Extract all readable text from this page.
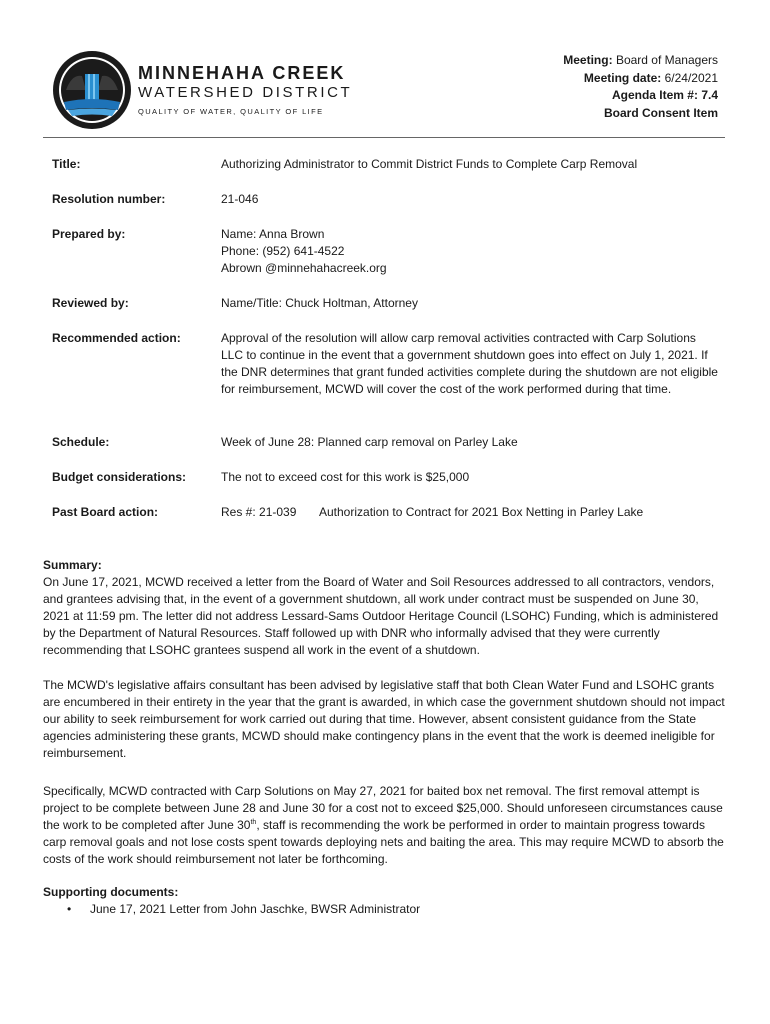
MINNEHAHA CREEK
WATERSHED DISTRICT
QUALITY OF WATER, QUALITY OF LIFE
Meeting: Board of Managers
Meeting date: 6/24/2021
Agenda Item #: 7.4
Board Consent Item
Title:	Authorizing Administrator to Commit District Funds to Complete Carp Removal
Resolution number:	21-046
Prepared by:	Name: Anna Brown
Phone: (952) 641-4522
Abrown @minnehahacreek.org
Reviewed by:	Name/Title: Chuck Holtman, Attorney
Recommended action:	Approval of the resolution will allow carp removal activities contracted with Carp Solutions LLC to continue in the event that a government shutdown goes into effect on July 1, 2021. If the DNR determines that grant funded activities complete during the shutdown are not eligible for reimbursement, MCWD will cover the cost of the work performed during that time.
Schedule:	Week of June 28: Planned carp removal on Parley Lake
Budget considerations:	The not to exceed cost for this work is $25,000
Past Board action:	Res #: 21-039 Authorization to Contract for 2021 Box Netting in Parley Lake
Summary:

On June 17, 2021, MCWD received a letter from the Board of Water and Soil Resources addressed to all contractors, vendors, and grantees advising that, in the event of a government shutdown, all work under contract must be suspended on June 30, 2021 at 11:59 pm. The letter did not address Lessard-Sams Outdoor Heritage Council (LSOHC) Funding, which is administered by the Department of Natural Resources. Staff followed up with DNR who informally advised that they were currently recommending that LSOHC grantees suspend all work in the event of a shutdown.

The MCWD's legislative affairs consultant has been advised by legislative staff that both Clean Water Fund and LSOHC grants are encumbered in their entirety in the year that the grant is awarded, in which case the government shutdown should not impact our ability to seek reimbursement for work carried out during that time. However, absent consistent guidance from the State agencies administering these grants, MCWD should make contingency plans in the event that the work is deemed ineligible for reimbursement.

Specifically, MCWD contracted with Carp Solutions on May 27, 2021 for baited box net removal. The first removal attempt is project to be complete between June 28 and June 30 for a cost not to exceed $25,000. Should unforeseen circumstances cause the work to be completed after June 30th, staff is recommending the work be performed in order to maintain progress towards carp removal goals and not lose costs spent towards deploying nets and baiting the area. This may require MCWD to absorb the costs of the work should reimbursement not later be forthcoming.

Supporting documents:
• June 17, 2021 Letter from John Jaschke, BWSR Administrator
